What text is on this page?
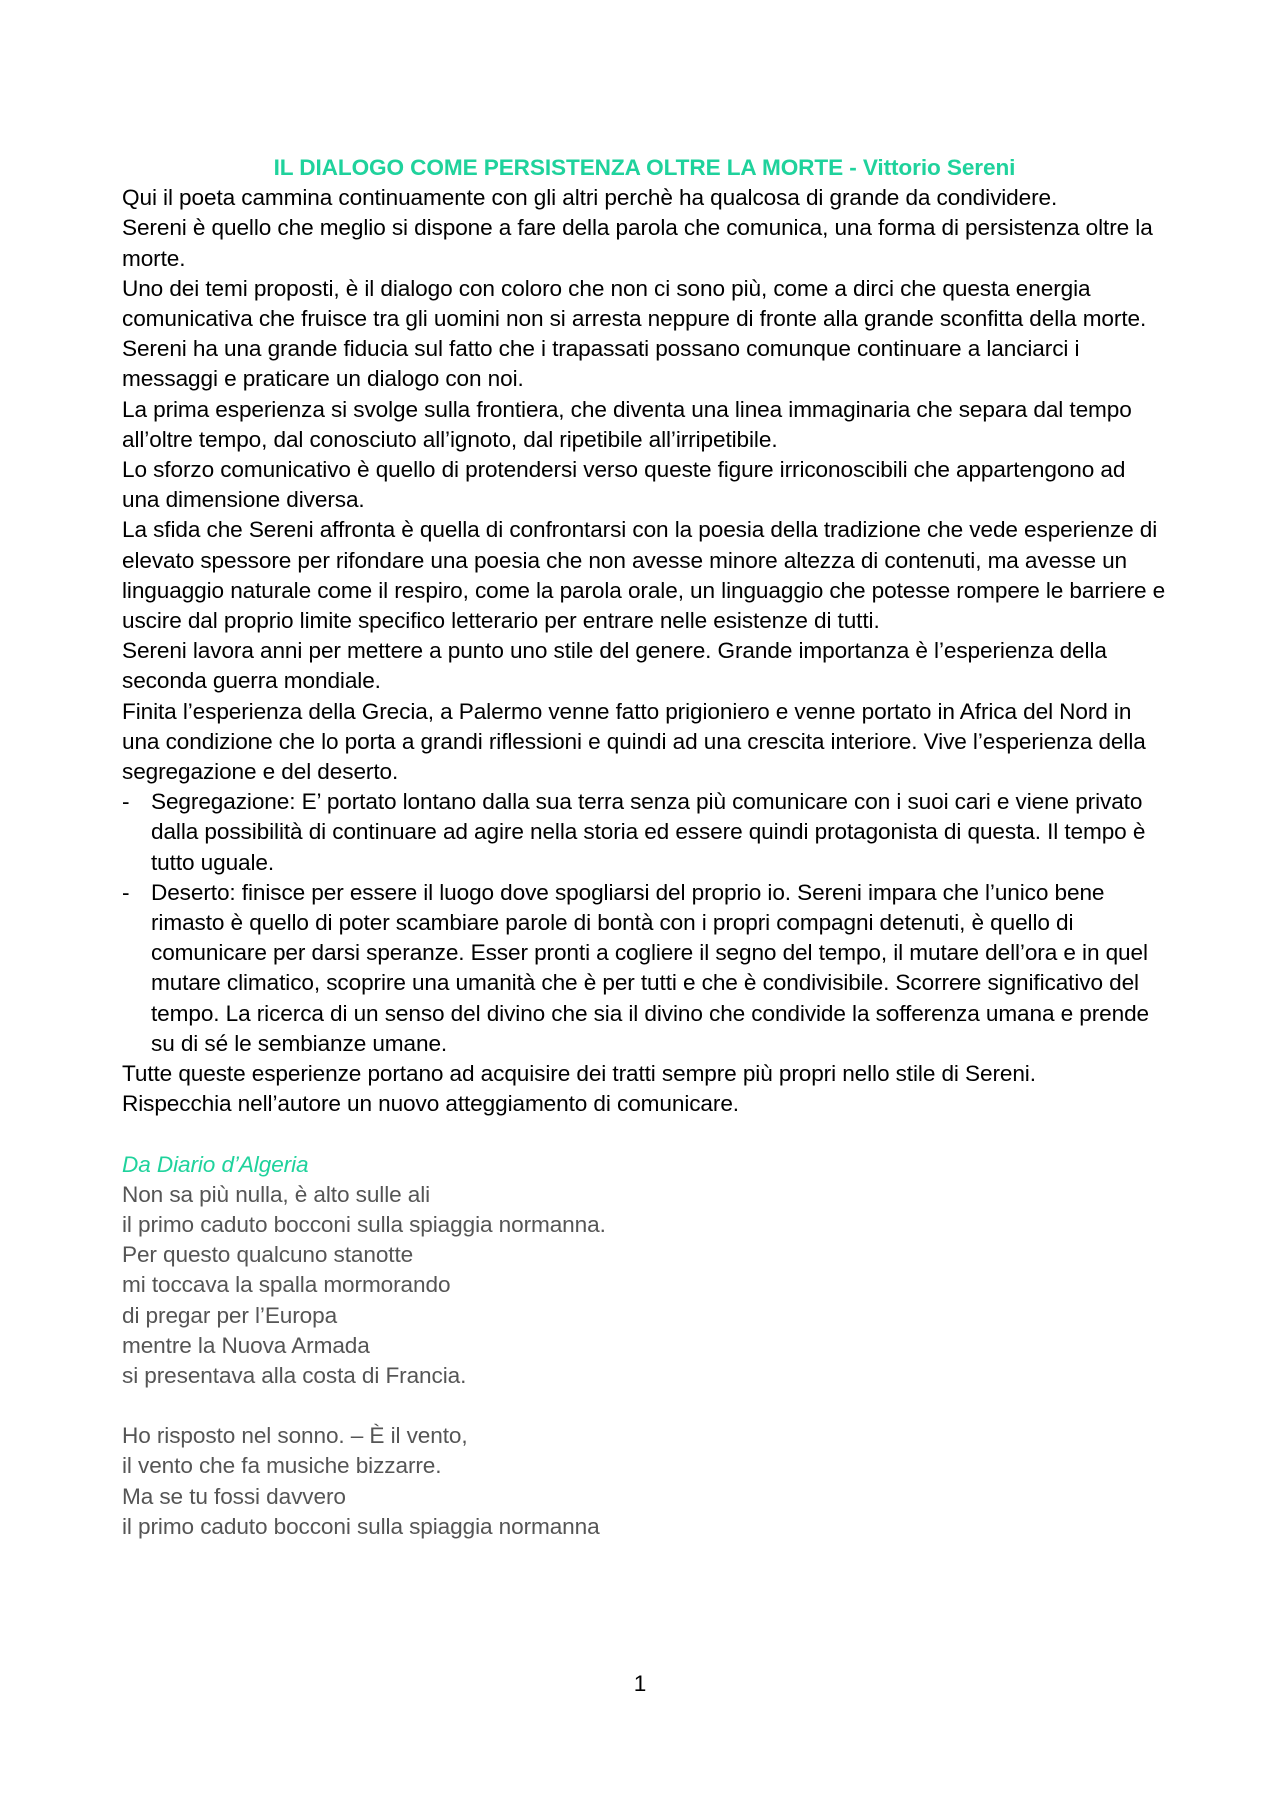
IL DIALOGO COME PERSISTENZA OLTRE LA MORTE - Vittorio Sereni

Qui il poeta cammina continuamente con gli altri perchè ha qualcosa di grande da condividere.

Sereni è quello che meglio si dispone a fare della parola che comunica, una forma di persistenza oltre la morte.

Uno dei temi proposti, è il dialogo con coloro che non ci sono più, come a dirci che questa energia comunicativa che fruisce tra gli uomini non si arresta neppure di fronte alla grande sconfitta della morte.

Sereni ha una grande fiducia sul fatto che i trapassati possano comunque continuare a lanciarci i messaggi e praticare un dialogo con noi.

La prima esperienza si svolge sulla frontiera, che diventa una linea immaginaria che separa dal tempo all’oltre tempo, dal conosciuto all’ignoto, dal ripetibile all’irripetibile.

Lo sforzo comunicativo è quello di protendersi verso queste figure irriconoscibili che appartengono ad una dimensione diversa.

La sfida che Sereni affronta è quella di confrontarsi con la poesia della tradizione che vede esperienze di elevato spessore per rifondare una poesia che non avesse minore altezza di contenuti, ma avesse un linguaggio naturale come il respiro, come la parola orale, un linguaggio che potesse rompere le barriere e uscire dal proprio limite specifico letterario per entrare nelle esistenze di tutti.

Sereni lavora anni per mettere a punto uno stile del genere. Grande importanza è l’esperienza della seconda guerra mondiale.

Finita l’esperienza della Grecia, a Palermo venne fatto prigioniero e venne portato in Africa del Nord in una condizione che lo porta a grandi riflessioni e quindi ad una crescita interiore. Vive l’esperienza della segregazione e del deserto.

- Segregazione: E’ portato lontano dalla sua terra senza più comunicare con i suoi cari e viene privato dalla possibilità di continuare ad agire nella storia ed essere quindi protagonista di questa. Il tempo è tutto uguale.
- Deserto: finisce per essere il luogo dove spogliarsi del proprio io. Sereni impara che l’unico bene rimasto è quello di poter scambiare parole di bontà con i propri compagni detenuti, è quello di comunicare per darsi speranze. Esser pronti a cogliere il segno del tempo, il mutare dell’ora e in quel mutare climatico, scoprire una umanità che è per tutti e che è condivisibile. Scorrere significativo del tempo. La ricerca di un senso del divino che sia il divino che condivide la sofferenza umana e prende su di sé le sembianze umane.

Tutte queste esperienze portano ad acquisire dei tratti sempre più propri nello stile di Sereni.

Rispecchia nell’autore un nuovo atteggiamento di comunicare.

Da Diario d’Algeria

Non sa più nulla, è alto sulle ali

il primo caduto bocconi sulla spiaggia normanna.

Per questo qualcuno stanotte

mi toccava la spalla mormorando

di pregar per l’Europa

mentre la Nuova Armada

si presentava alla costa di Francia.

Ho risposto nel sonno. – È il vento,

il vento che fa musiche bizzarre.

Ma se tu fossi davvero

il primo caduto bocconi sulla spiaggia normanna

1
